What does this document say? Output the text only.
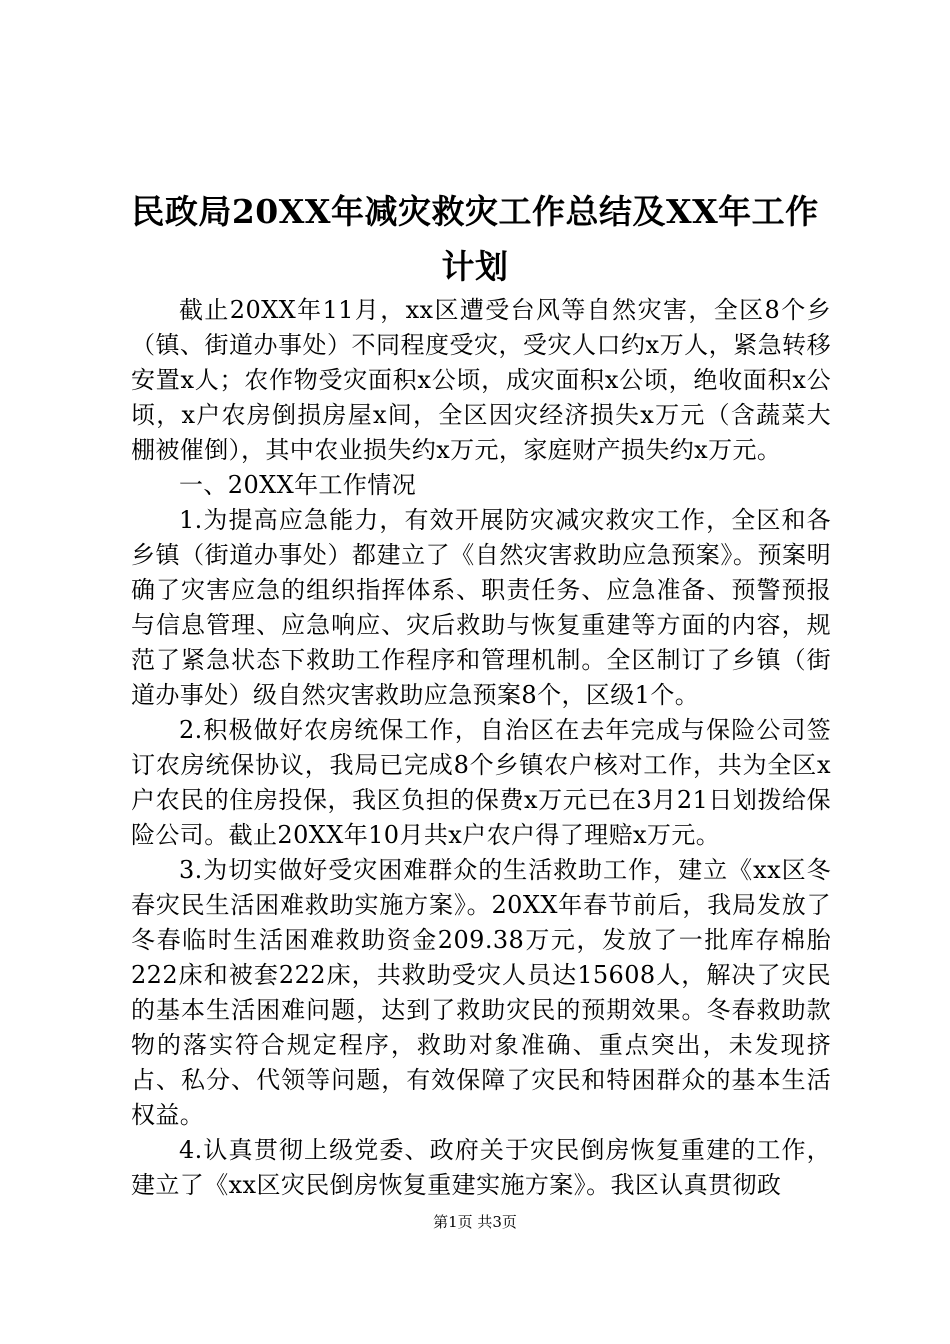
民政局20XX年减灾救灾工作总结及XX年工作计划

截止20XX年11月，xx区遭受台风等自然灾害，全区8个乡（镇、街道办事处）不同程度受灾，受灾人口约x万人，紧急转移安置x人；农作物受灾面积x公顷，成灾面积x公顷，绝收面积x公顷，x户农房倒损房屋x间，全区因灾经济损失x万元（含蔬菜大棚被催倒），其中农业损失约x万元，家庭财产损失约x万元。

一、20XX年工作情况

1.为提高应急能力，有效开展防灾减灾救灾工作，全区和各乡镇（街道办事处）都建立了《自然灾害救助应急预案》。预案明确了灾害应急的组织指挥体系、职责任务、应急准备、预警预报与信息管理、应急响应、灾后救助与恢复重建等方面的内容，规范了紧急状态下救助工作程序和管理机制。全区制订了乡镇（街道办事处）级自然灾害救助应急预案8个，区级1个。

2.积极做好农房统保工作，自治区在去年完成与保险公司签订农房统保协议，我局已完成8个乡镇农户核对工作，共为全区x户农民的住房投保，我区负担的保费x万元已在3月21日划拨给保险公司。截止20XX年10月共x户农户得了理赔x万元。

3.为切实做好受灾困难群众的生活救助工作，建立《xx区冬春灾民生活困难救助实施方案》。20XX年春节前后，我局发放了冬春临时生活困难救助资金209.38万元，发放了一批库存棉胎222床和被套222床，共救助受灾人员达15608人，解决了灾民的基本生活困难问题，达到了救助灾民的预期效果。冬春救助款物的落实符合规定程序，救助对象准确、重点突出，未发现挤占、私分、代领等问题，有效保障了灾民和特困群众的基本生活权益。

4.认真贯彻上级党委、政府关于灾民倒房恢复重建的工作，建立了《xx区灾民倒房恢复重建实施方案》。我区认真贯彻政

第1页 共3页
